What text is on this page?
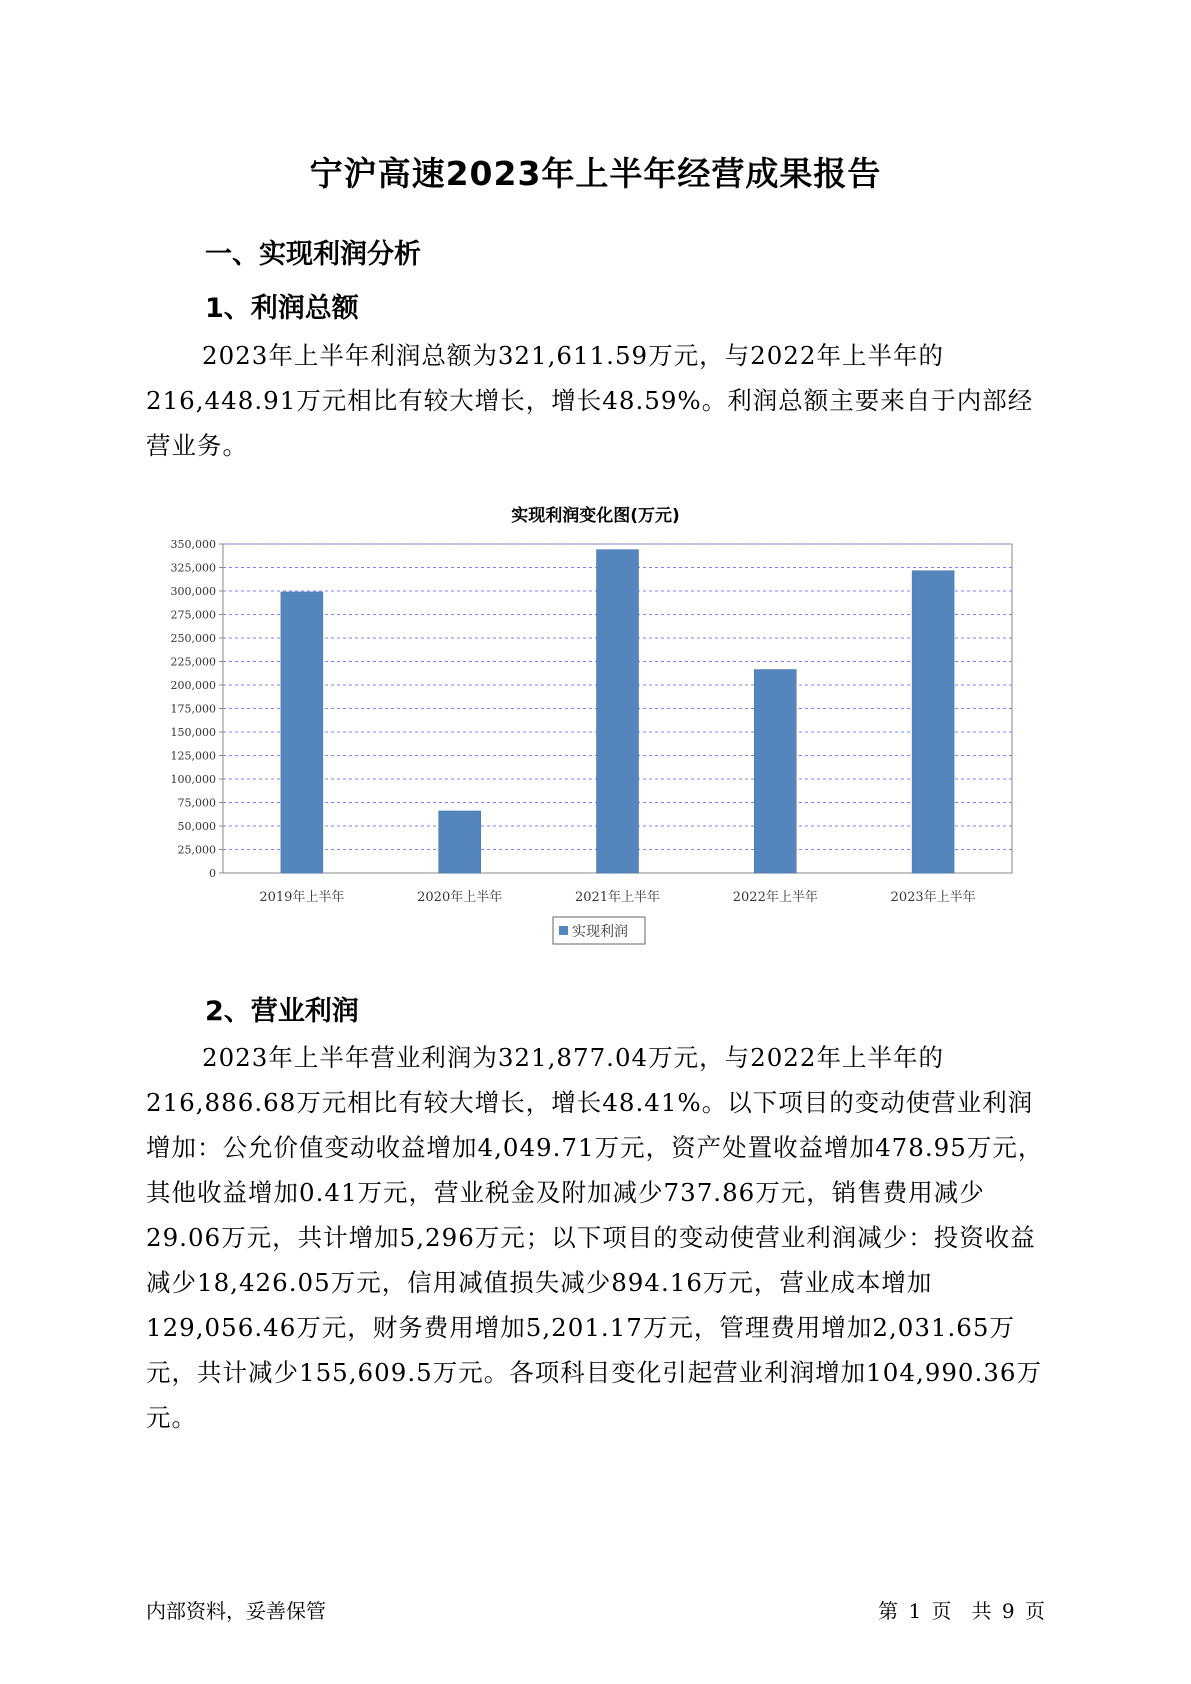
宁沪高速2023年上半年经营成果报告
一、实现利润分析
1、利润总额

2023年上半年利润总额为321,611.59万元，与2022年上半年的216,448.91万元相比有较大增长，增长48.59%。利润总额主要来自于内部经营业务。

实现利润变化图(万元)
0
25,000
50,000
75,000
100,000
125,000
150,000
175,000
200,000
225,000
250,000
275,000
300,000
325,000
350,000
2019年上半年	2020年上半年	2021年上半年	2022年上半年	2023年上半年
实现利润
2、营业利润

2023年上半年营业利润为321,877.04万元，与2022年上半年的216,886.68万元相比有较大增长，增长48.41%。以下项目的变动使营业利润增加：公允价值变动收益增加4,049.71万元，资产处置收益增加478.95万元，其他收益增加0.41万元，营业税金及附加减少737.86万元，销售费用减少29.06万元，共计增加5,296万元；以下项目的变动使营业利润减少：投资收益减少18,426.05万元，信用减值损失减少894.16万元，营业成本增加129,056.46万元，财务费用增加5,201.17万元，管理费用增加2,031.65万元，共计减少155,609.5万元。各项科目变化引起营业利润增加104,990.36万元。

内部资料，妥善保管	第 1 页　共 9 页
